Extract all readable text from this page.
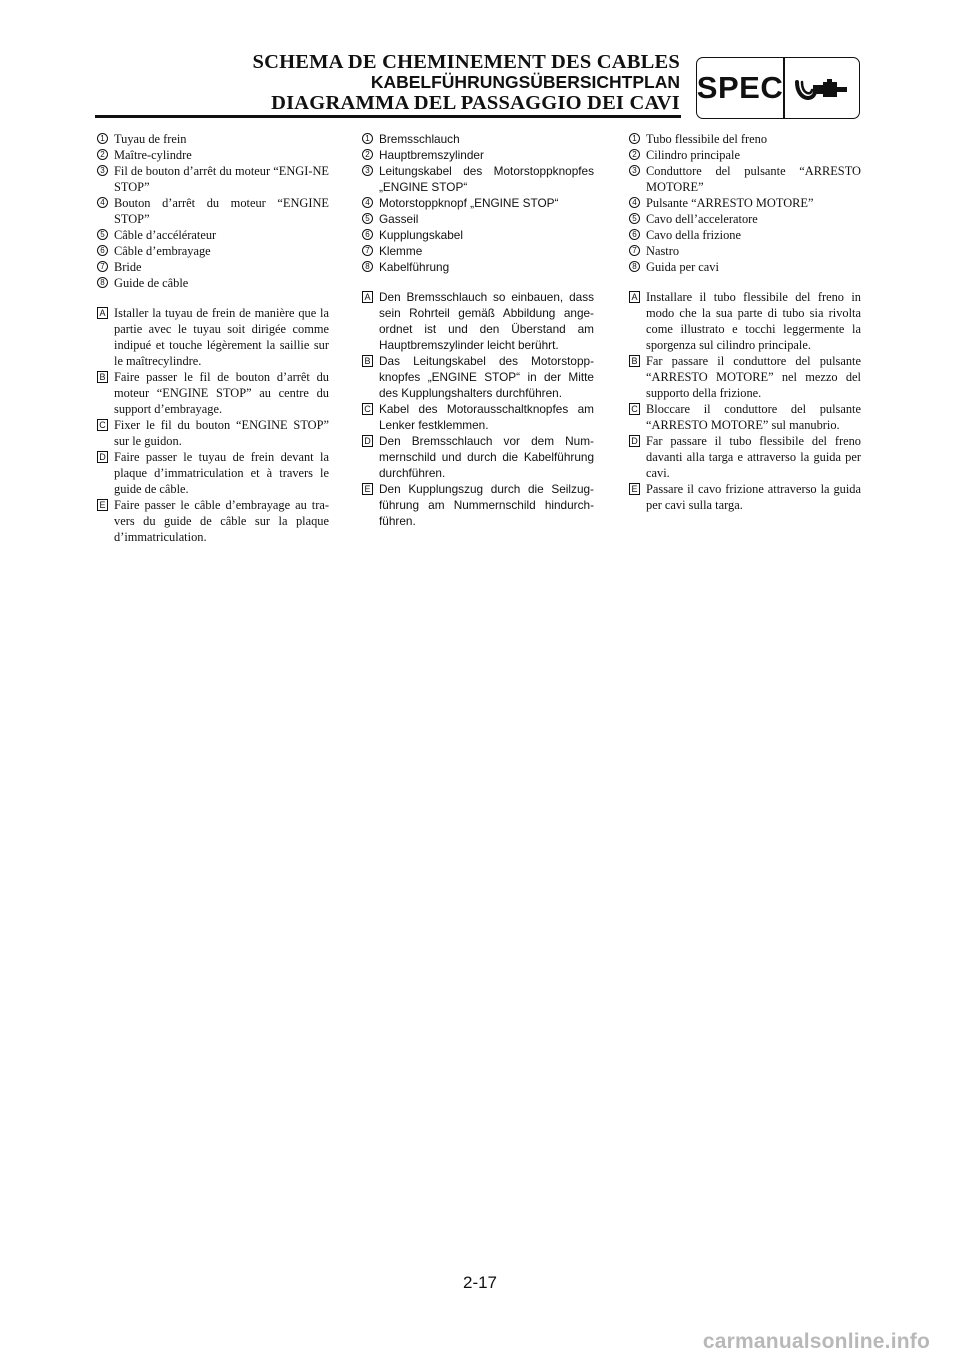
SCHEMA DE CHEMINEMENT DES CABLES
KABELFÜHRUNGSÜBERSICHTPLAN
DIAGRAMMA DEL PASSAGGIO DEI CAVI SPEC
1 Tuyau de frein
2 Maître-cylindre
3 Fil de bouton d’arrêt du moteur “ENGI-NE STOP”
4 Bouton d’arrêt du moteur “ENGINE STOP”
5 Câble d’accélérateur
6 Câble d’embrayage
7 Bride
8 Guide de câble
A Istaller la tuyau de frein de manière que la partie avec le tuyau soit dirigée comme indipué et touche légèrement la saillie sur le maîtrecylindre.
B Faire passer le fil de bouton d’arrêt du moteur “ENGINE STOP” au centre du support d’embrayage.
C Fixer le fil du bouton “ENGINE STOP” sur le guidon.
D Faire passer le tuyau de frein devant la plaque d’immatriculation et à travers le guide de câble.
E Faire passer le câble d’embrayage au tra-vers du guide de câble sur la plaque d’immatriculation.
1 Bremsschlauch
2 Hauptbremszylinder
3 Leitungskabel des Motorstoppknopfes „ENGINE STOP“
4 Motorstoppknopf „ENGINE STOP“
5 Gasseil
6 Kupplungskabel
7 Klemme
8 Kabelführung
A Den Bremsschlauch so einbauen, dass sein Rohrteil gemäß Abbildung ange-ordnet ist und den Überstand am Hauptbremszylinder leicht berührt.
B Das Leitungskabel des Motorstopp-knopfes „ENGINE STOP“ in der Mitte des Kupplungshalters durchführen.
C Kabel des Motorausschaltknopfes am Lenker festklemmen.
D Den Bremsschlauch vor dem Num-mernschild und durch die Kabelführung durchführen.
E Den Kupplungszug durch die Seilzug-führung am Nummernschild hindurch-führen.
1 Tubo flessibile del freno
2 Cilindro principale
3 Conduttore del pulsante “ARRESTO MOTORE”
4 Pulsante “ARRESTO MOTORE”
5 Cavo dell’acceleratore
6 Cavo della frizione
7 Nastro
8 Guida per cavi
A Installare il tubo flessibile del freno in modo che la sua parte di tubo sia rivolta come illustrato e tocchi leggermente la sporgenza sul cilindro principale.
B Far passare il conduttore del pulsante “ARRESTO MOTORE” nel mezzo del supporto della frizione.
C Bloccare il conduttore del pulsante “ARRESTO MOTORE” sul manubrio.
D Far passare il tubo flessibile del freno davanti alla targa e attraverso la guida per cavi.
E Passare il cavo frizione attraverso la guida per cavi sulla targa.
2-17
carmanualsonline.info
